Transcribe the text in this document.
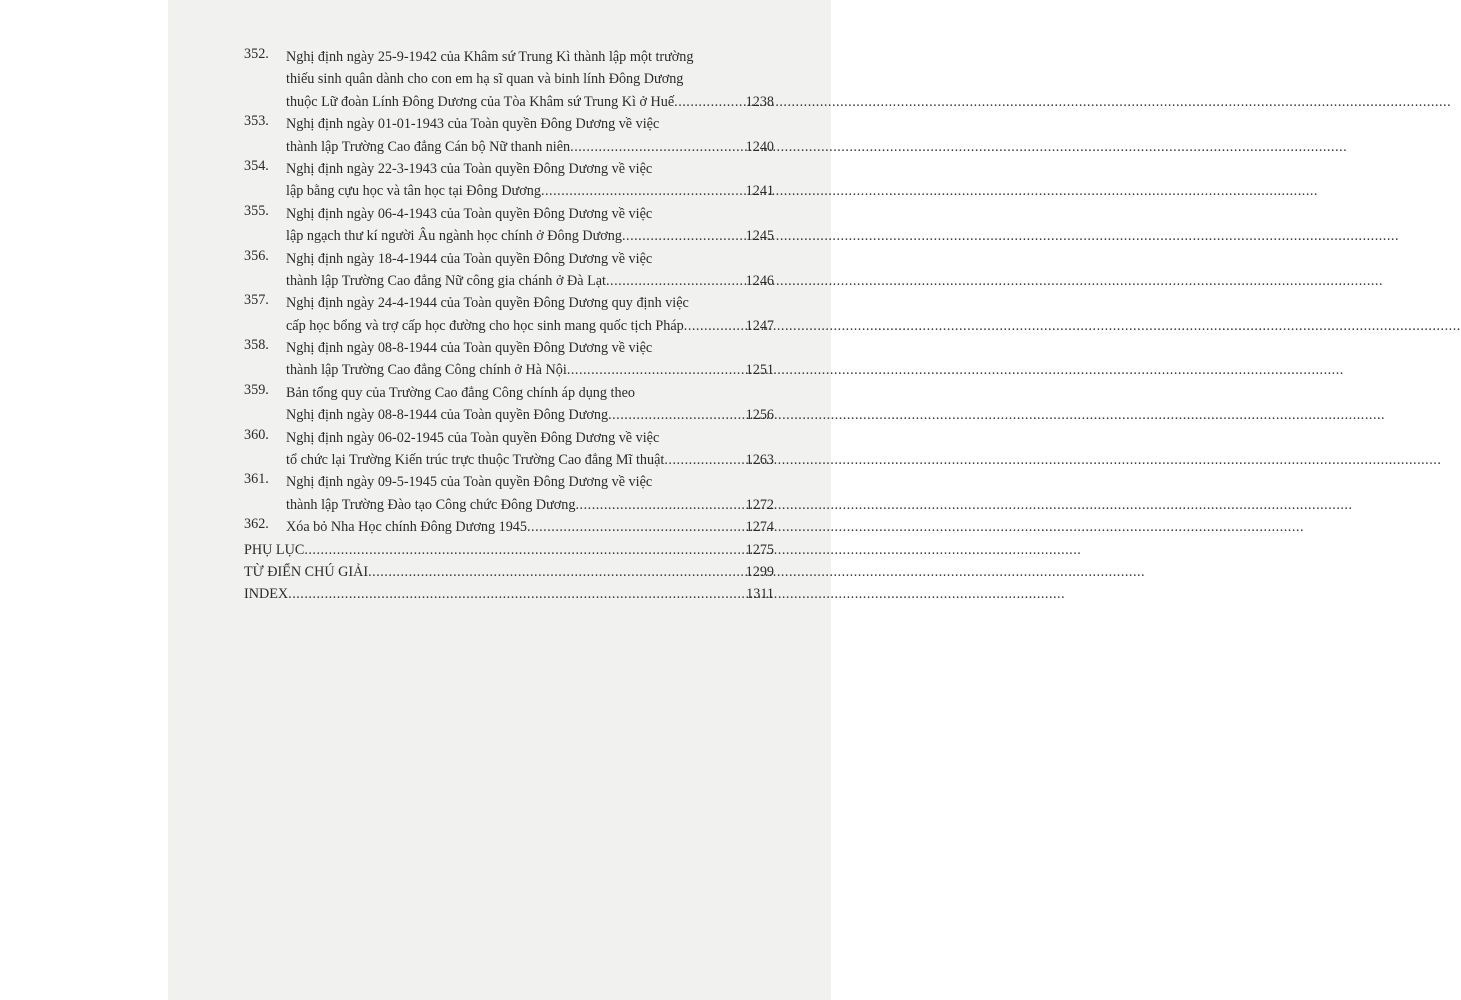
352.	Nghị định ngày 25-9-1942 của Khâm sứ Trung Kì thành lập một trường
thiếu sinh quân dành cho con em hạ sĩ quan và binh lính Đông Dương
thuộc Lữ đoàn Lính Đông Dương của Tòa Khâm sứ Trung Kì ở Huế .....	1238
353.	Nghị định ngày 01-01-1943 của Toàn quyền Đông Dương về việc
thành lập Trường Cao đẳng Cán bộ Nữ thanh niên .....	1240
354.	Nghị định ngày 22-3-1943 của Toàn quyền Đông Dương về việc
lập bằng cựu học và tân học tại Đông Dương .....	1241
355.	Nghị định ngày 06-4-1943 của Toàn quyền Đông Dương về việc
lập ngạch thư kí người Âu ngành học chính ở Đông Dương .....	1245
356.	Nghị định ngày 18-4-1944 của Toàn quyền Đông Dương về việc
thành lập Trường Cao đẳng Nữ công gia chánh ở Đà Lạt .....	1246
357.	Nghị định ngày 24-4-1944 của Toàn quyền Đông Dương quy định việc
cấp học bổng và trợ cấp học đường cho học sinh mang quốc tịch Pháp .....	1247
358.	Nghị định ngày 08-8-1944 của Toàn quyền Đông Dương về việc
thành lập Trường Cao đẳng Công chính ở Hà Nội .....	1251
359.	Bản tổng quy của Trường Cao đẳng Công chính áp dụng theo
Nghị định ngày 08-8-1944 của Toàn quyền Đông Dương .....	1256
360.	Nghị định ngày 06-02-1945 của Toàn quyền Đông Dương về việc
tổ chức lại Trường Kiến trúc trực thuộc Trường Cao đẳng Mĩ thuật .....	1263
361.	Nghị định ngày 09-5-1945 của Toàn quyền Đông Dương về việc
thành lập Trường Đào tạo Công chức Đông Dương .....	1272
362.	Xóa bỏ Nha Học chính Đông Dương 1945 .....	1274
PHỤ LỤC .....	1275
TỪ ĐIỂN CHÚ GIẢI .....	1299
INDEX .....	1311
